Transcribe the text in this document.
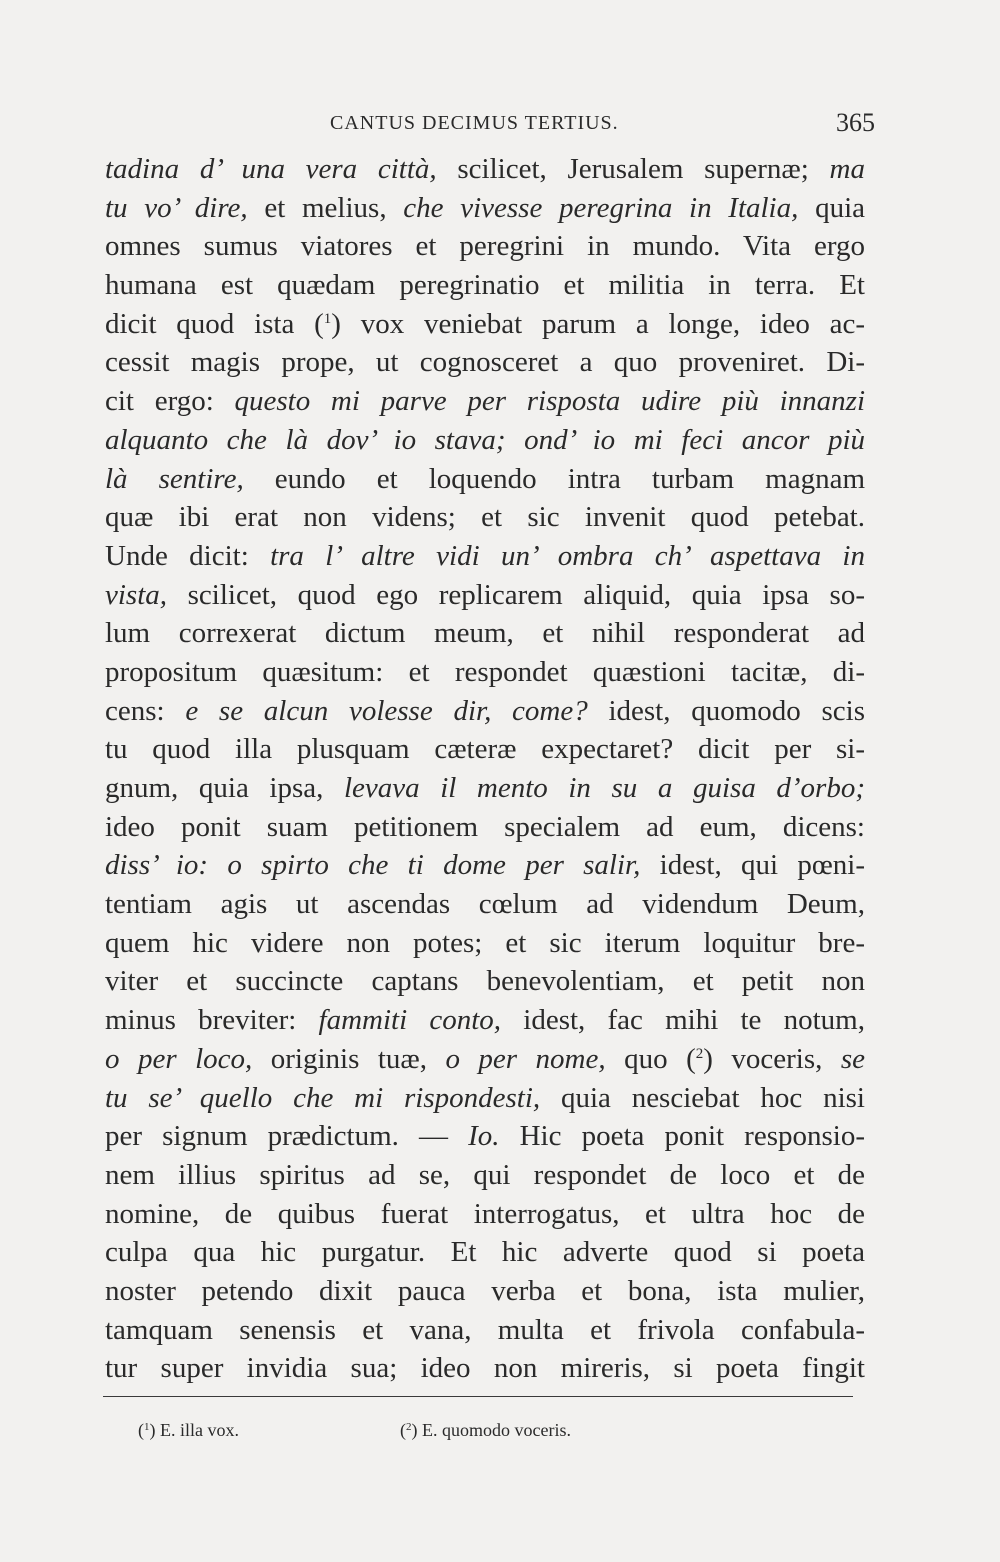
CANTUS DECIMUS TERTIUS.	365
tadina d’ una vera città, scilicet, Jerusalem supernæ; ma
tu vo’ dire, et melius, che vivesse peregrina in Italia, quia
omnes sumus viatores et peregrini in mundo. Vita ergo
humana est quædam peregrinatio et militia in terra. Et
dicit quod ista ($^1$) vox veniebat parum a longe, ideo ac-
cessit magis prope, ut cognosceret a quo proveniret. Di-
cit ergo: questo mi parve per risposta udire più innanzi
alquanto che là dov’ io stava; ond’ io mi feci ancor più
là sentire, eundo et loquendo intra turbam magnam
quæ ibi erat non videns; et sic invenit quod petebat.
Unde dicit: tra l’ altre vidi un’ ombra ch’ aspettava in
vista, scilicet, quod ego replicarem aliquid, quia ipsa so-
lum correxerat dictum meum, et nihil responderat ad
propositum quæsitum: et respondet quæstioni tacitæ, di-
cens: e se alcun volesse dir, come? idest, quomodo scis
tu quod illa plusquam cæteræ expectaret? dicit per si-
gnum, quia ipsa, levava il mento in su a guisa d’orbo;
ideo ponit suam petitionem specialem ad eum, dicens:
diss’ io: o spirto che ti dome per salir, idest, qui pœni-
tentiam agis ut ascendas cœlum ad videndum Deum,
quem hic videre non potes; et sic iterum loquitur bre-
viter et succincte captans benevolentiam, et petit non
minus breviter: fammiti conto, idest, fac mihi te notum,
o per loco, originis tuæ, o per nome, quo ($^2$) voceris, se
tu se’ quello che mi rispondesti, quia nesciebat hoc nisi
per signum prædictum. — Io. Hic poeta ponit responsio-
nem illius spiritus ad se, qui respondet de loco et de
nomine, de quibus fuerat interrogatus, et ultra hoc de
culpa qua hic purgatur. Et hic adverte quod si poeta
noster petendo dixit pauca verba et bona, ista mulier,
tamquam senensis et vana, multa et frivola confabula-
tur super invidia sua; ideo non mireris, si poeta fingit
($^1$) E. illa vox.	($^2$) E. quomodo voceris.
